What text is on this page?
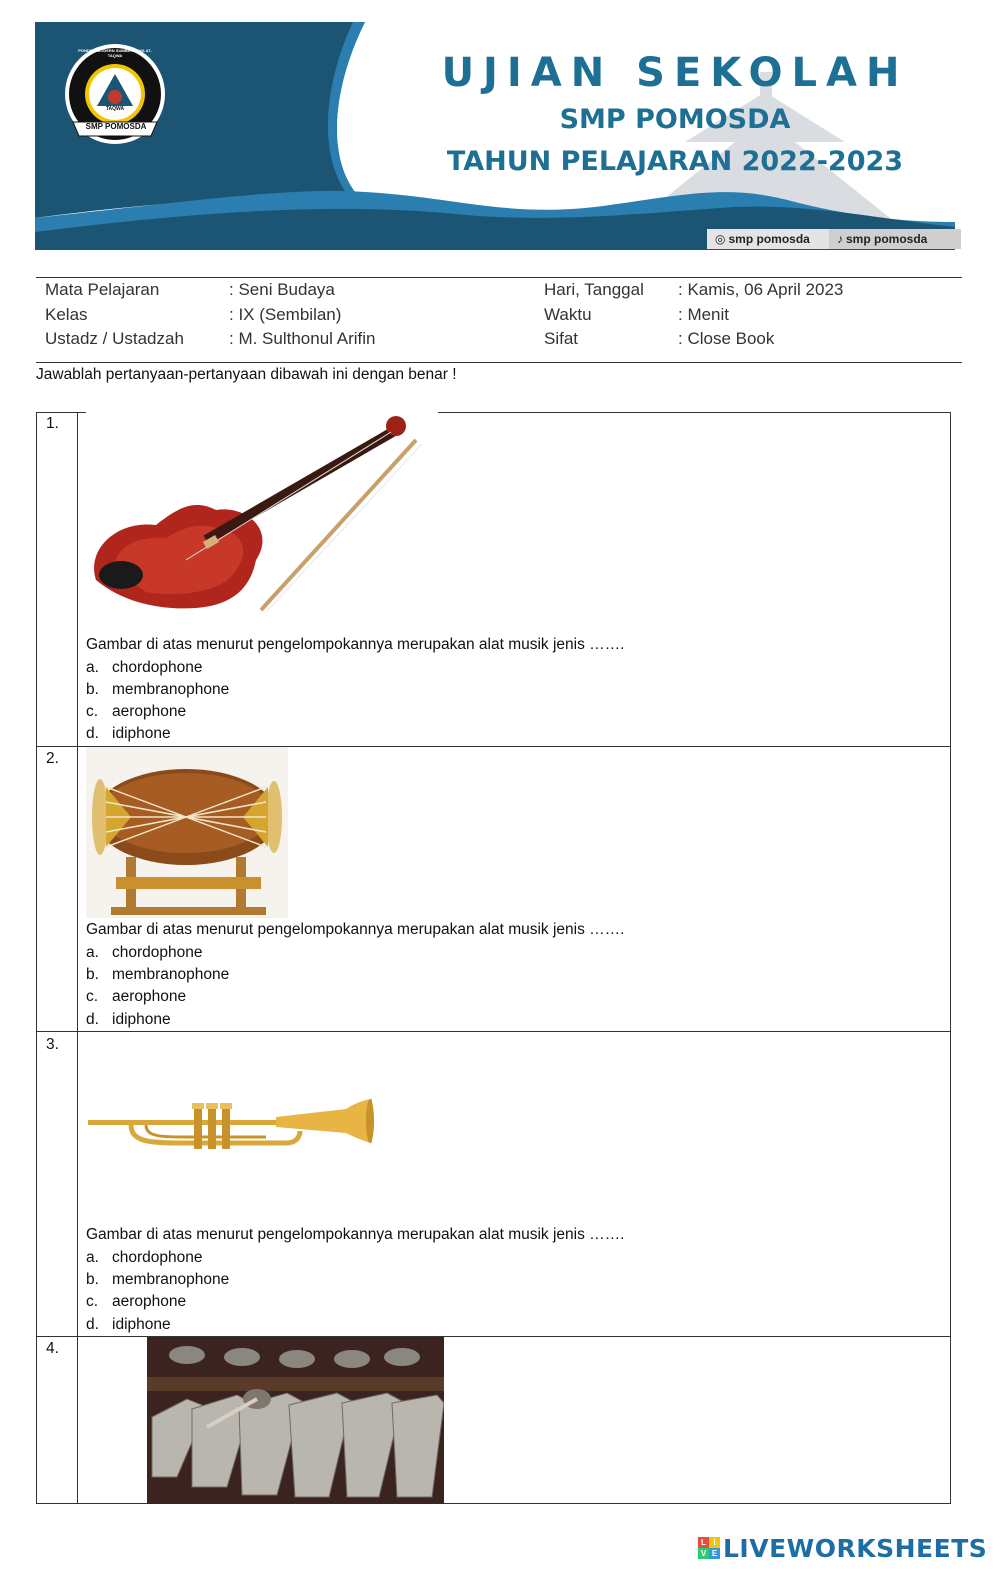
SMP POMOSDA
TAQWA
PONDOK MODERN SUMBER DAYA AT-TAQWA	UJIAN SEKOLAH
SMP POMOSDA
TAHUN PELAJARAN 2022-2023
◎ smp pomosda ♪ smp pomosda
Mata Pelajaran	: Seni Budaya
Kelas	: IX (Sembilan)
Ustadz / Ustadzah	: M. Sulthonul Arifin
Hari, Tanggal : Kamis, 06 April 2023
Waktu	: Menit
Sifat	: Close Book
Jawablah pertanyaan-pertanyaan dibawah ini dengan benar !
1.
Gambar di atas menurut pengelompokannya merupakan alat musik jenis …….
a. chordophone
b. membranophone
c. aerophone
d. idiphone
2.
Gambar di atas menurut pengelompokannya merupakan alat musik jenis …….
a. chordophone
b. membranophone
c. aerophone
d. idiphone
3.
Gambar di atas menurut pengelompokannya merupakan alat musik jenis …….
a. chordophone
b. membranophone
c. aerophone
d. idiphone
4.
L I
V E LIVEWORKSHEETS
